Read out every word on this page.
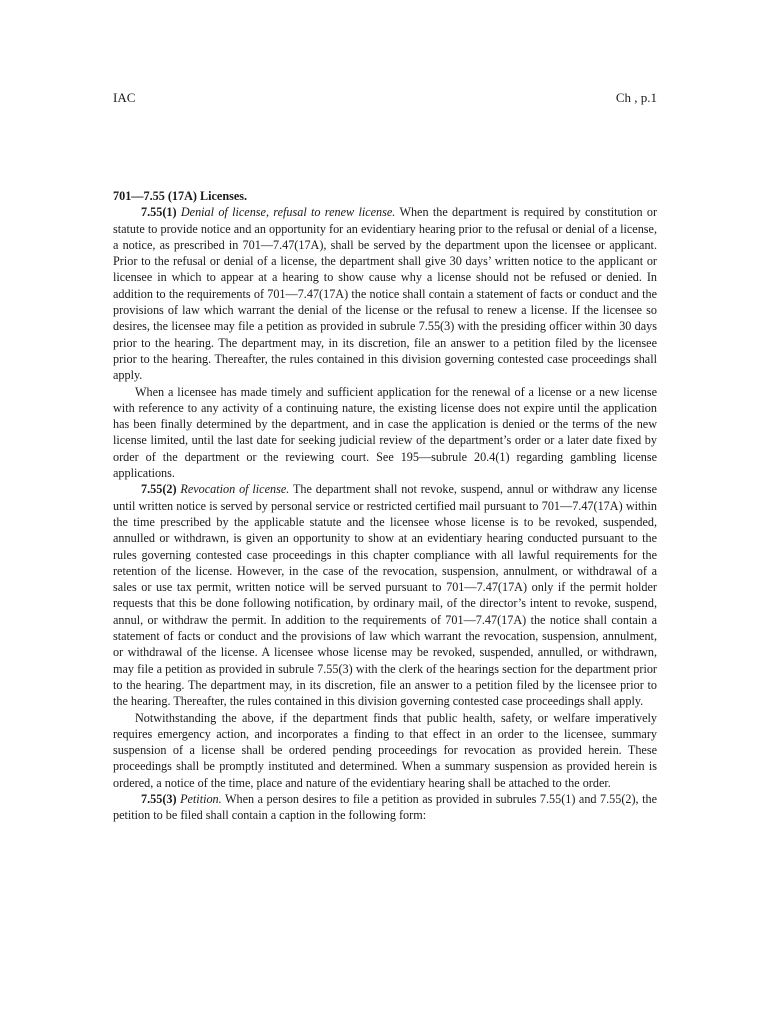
IAC	Ch , p.1

701—7.55 (17A) Licenses.

7.55(1) Denial of license, refusal to renew license. When the department is required by constitution or statute to provide notice and an opportunity for an evidentiary hearing prior to the refusal or denial of a license, a notice, as prescribed in 701—7.47(17A), shall be served by the department upon the licensee or applicant. Prior to the refusal or denial of a license, the department shall give 30 days’ written notice to the applicant or licensee in which to appear at a hearing to show cause why a license should not be refused or denied. In addition to the requirements of 701—7.47(17A) the notice shall contain a statement of facts or conduct and the provisions of law which warrant the denial of the license or the refusal to renew a license. If the licensee so desires, the licensee may file a petition as provided in subrule 7.55(3) with the presiding officer within 30 days prior to the hearing. The department may, in its discretion, file an answer to a petition filed by the licensee prior to the hearing. Thereafter, the rules contained in this division governing contested case proceedings shall apply.

When a licensee has made timely and sufficient application for the renewal of a license or a new license with reference to any activity of a continuing nature, the existing license does not expire until the application has been finally determined by the department, and in case the application is denied or the terms of the new license limited, until the last date for seeking judicial review of the department’s order or a later date fixed by order of the department or the reviewing court. See 195—subrule 20.4(1) regarding gambling license applications.

7.55(2) Revocation of license. The department shall not revoke, suspend, annul or withdraw any license until written notice is served by personal service or restricted certified mail pursuant to 701—7.47(17A) within the time prescribed by the applicable statute and the licensee whose license is to be revoked, suspended, annulled or withdrawn, is given an opportunity to show at an evidentiary hearing conducted pursuant to the rules governing contested case proceedings in this chapter compliance with all lawful requirements for the retention of the license. However, in the case of the revocation, suspension, annulment, or withdrawal of a sales or use tax permit, written notice will be served pursuant to 701—7.47(17A) only if the permit holder requests that this be done following notification, by ordinary mail, of the director’s intent to revoke, suspend, annul, or withdraw the permit. In addition to the requirements of 701—7.47(17A) the notice shall contain a statement of facts or conduct and the provisions of law which warrant the revocation, suspension, annulment, or withdrawal of the license. A licensee whose license may be revoked, suspended, annulled, or withdrawn, may file a petition as provided in subrule 7.55(3) with the clerk of the hearings section for the department prior to the hearing. The department may, in its discretion, file an answer to a petition filed by the licensee prior to the hearing. Thereafter, the rules contained in this division governing contested case proceedings shall apply.

Notwithstanding the above, if the department finds that public health, safety, or welfare imperatively requires emergency action, and incorporates a finding to that effect in an order to the licensee, summary suspension of a license shall be ordered pending proceedings for revocation as provided herein. These proceedings shall be promptly instituted and determined. When a summary suspension as provided herein is ordered, a notice of the time, place and nature of the evidentiary hearing shall be attached to the order.

7.55(3) Petition. When a person desires to file a petition as provided in subrules 7.55(1) and 7.55(2), the petition to be filed shall contain a caption in the following form:
